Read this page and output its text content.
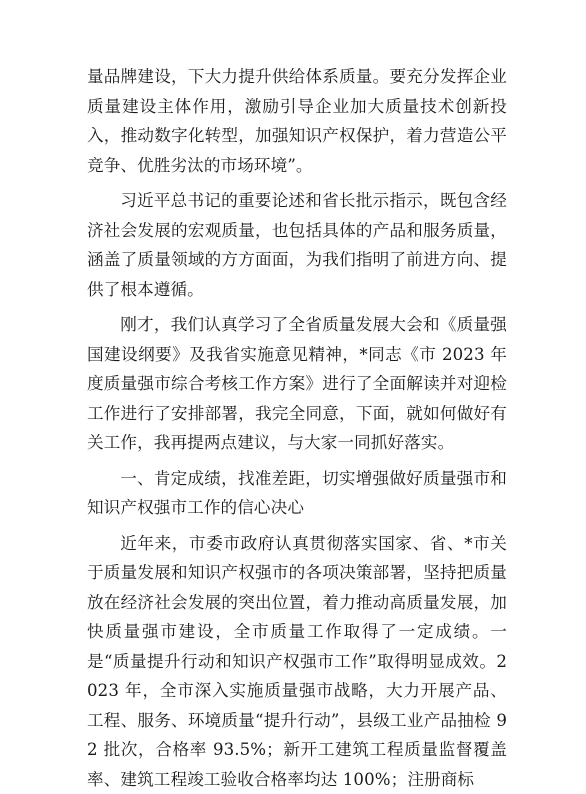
量品牌建设，下大力提升供给体系质量。要充分发挥企业质量建设主体作用，激励引导企业加大质量技术创新投入，推动数字化转型，加强知识产权保护，着力营造公平竞争、优胜劣汰的市场环境”。

习近平总书记的重要论述和省长批示指示，既包含经济社会发展的宏观质量，也包括具体的产品和服务质量，涵盖了质量领域的方方面面，为我们指明了前进方向、提供了根本遵循。

刚才，我们认真学习了全省质量发展大会和《质量强国建设纲要》及我省实施意见精神，*同志《市 2023 年度质量强市综合考核工作方案》进行了全面解读并对迎检工作进行了安排部署，我完全同意，下面，就如何做好有关工作，我再提两点建议，与大家一同抓好落实。

一、肯定成绩，找准差距，切实增强做好质量强市和知识产权强市工作的信心决心

近年来，市委市政府认真贯彻落实国家、省、*市关于质量发展和知识产权强市的各项决策部署，坚持把质量放在经济社会发展的突出位置，着力推动高质量发展，加快质量强市建设，全市质量工作取得了一定成绩。一是“质量提升行动和知识产权强市工作”取得明显成效。2023 年，全市深入实施质量强市战略，大力开展产品、工程、服务、环境质量“提升行动”，县级工业产品抽检 92 批次，合格率 93.5%；新开工建筑工程质量监督覆盖率、建筑工程竣工验收合格率均达 100%；注册商标
